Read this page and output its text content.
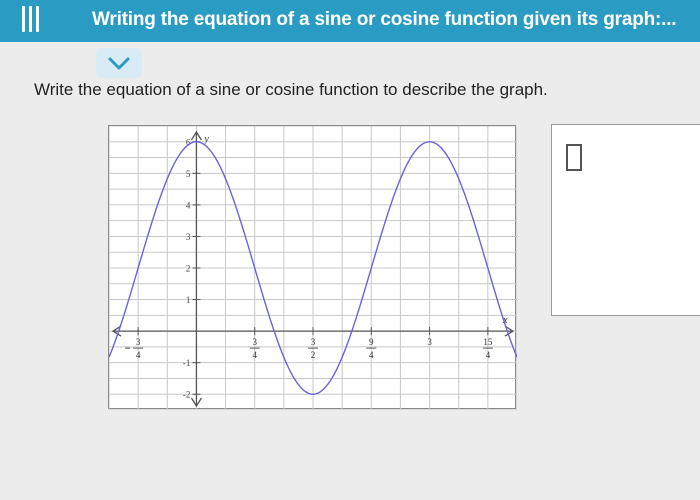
Writing the equation of a sine or cosine function given its graph:...
Write the equation of a sine or cosine function to describe the graph.
x
y
6
5
4
3
2
1
-1
-2
3
4
3
4
3
2
9
4
3	15
4
